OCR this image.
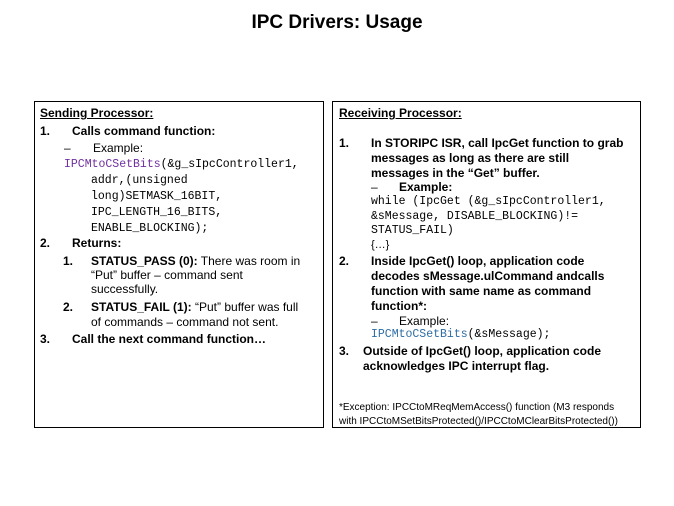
IPC Drivers: Usage
Sending Processor:
1. Calls command function:
– Example:
IPCMtoCSetBits(&g_sIpcController1,
addr,(unsigned
long)SETMASK_16BIT,
IPC_LENGTH_16_BITS,
ENABLE_BLOCKING);
2. Returns:
1. STATUS_PASS (0): There was room in
“Put” buffer – command sent
successfully.
2. STATUS_FAIL (1): “Put” buffer was full
of commands – command not sent.
3. Call the next command function…
Receiving Processor:
1. In STORIPC ISR, call IpcGet function to grab
messages as long as there are still
messages in the “Get” buffer.
– Example:
while (IpcGet (&g_sIpcController1,
&sMessage, DISABLE_BLOCKING)!=
STATUS_FAIL)
{…}
2. Inside IpcGet() loop, application code
decodes sMessage.ulCommand andcalls
function with same name as command
function*:
– Example:
IPCMtoCSetBits(&sMessage);
3. Outside of IpcGet() loop, application code
acknowledges IPC interrupt flag.
*Exception: IPCCtoMReqMemAccess() function (M3 responds
with IPCCtoMSetBitsProtected()/IPCCtoMClearBitsProtected())
